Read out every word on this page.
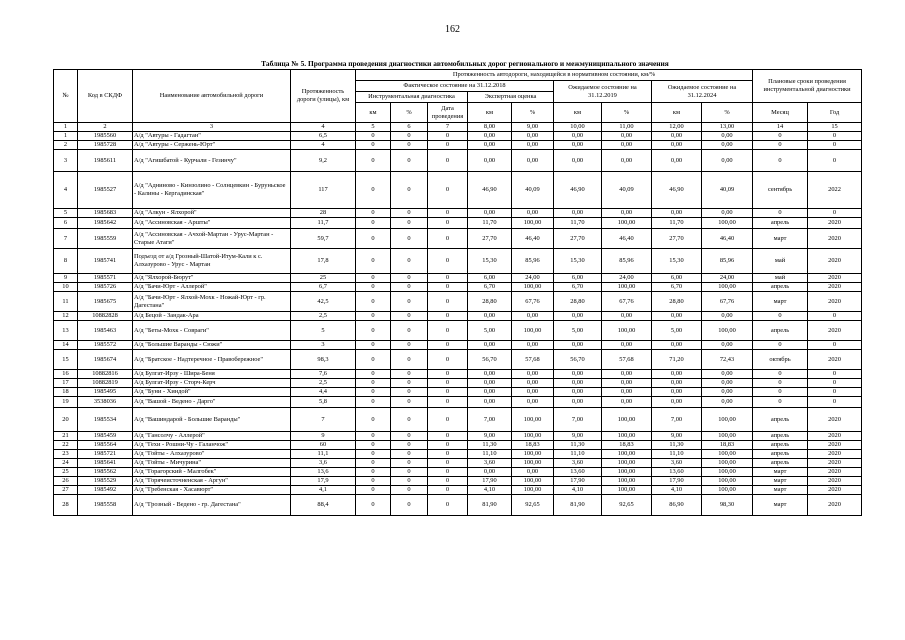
162
Таблица № 5. Программа проведения диагностики автомобильных дорог регионального и межмуниципального значения
№	Код в СКДФ	Наименование автомобильной дороги	Протяженность дороги (улицы), км	Протяженность автодороги, находящейся в нормативном состоянии, км/%									Плановые сроки проведения инструментальной диагностики	
				Фактическое состояние на 31.12.2018					Ожидаемое состояние на 31.12.2019		Ожидаемое состояние на 31.12.2024			
				Инструментальная диагностика			Экспертная оценка							
				км	%	Дата проведения	км	%	км	%	км	%	Месяц	Год
1	2	3	4	5	6	7	8,00	9,00	10,00	11,00	12,00	13,00	14	15
1	1985560	А/д "Автуры - Гадагтан"	6,5	0	0	0	0,00	0,00	0,00	0,00	0,00	0,00	0	0
2	1985728	А/д "Автуры - Сержень-Юрт"	4	0	0	0	0,00	0,00	0,00	0,00	0,00	0,00	0	0
3	1985611	А/д "Агишбатой - Курчали - Гезинчу"	9,2	0	0	0	0,00	0,00	0,00	0,00	0,00	0,00	0	0
4	1985527	А/д "Адниново - Кинзолино - Солнцевкин - Буруньское - Калины - Кергадинская"	117	0	0	0	46,90	40,09	46,90	40,09	46,90	40,09	сентябрь	2022
5	1985683	А/д "Алкун - Ялхорой"	28	0	0	0	0,00	0,00	0,00	0,00	0,00	0,00	0	0
6	1985642	А/д "Ассиновская - Аршты"	11,7	0	0	0	11,70	100,00	11,70	100,00	11,70	100,00	апрель	2020
7	1985559	А/д "Ассиновская - Ачхой-Мартан - Урус-Мартан - Старые Атаги"	59,7	0	0	0	27,70	46,40	27,70	46,40	27,70	46,40	март	2020
8	1985741	Подъезд от а/д Грозный-Шатой-Итум-Кали к с. Алхазурово - Урус - Мартан	17,8	0	0	0	15,30	85,96	15,30	85,96	15,30	85,96	май	2020
9	1985571	А/д "Ялхорой-Бюрут"	25	0	0	0	6,00	24,00	6,00	24,00	6,00	24,00	май	2020
10	1985726	А/д "Бачи-Юрт - Аллерой"	6,7	0	0	0	6,70	100,00	6,70	100,00	6,70	100,00	апрель	2020
11	1985675	А/д "Бачи-Юрт - Ялхой-Мохк - Ножай-Юрт - гр. Дагестана"	42,5	0	0	0	28,80	67,76	28,80	67,76	28,80	67,76	март	2020
12	10882828	А/д Бецой - Зандак-Ара	2,5	0	0	0	0,00	0,00	0,00	0,00	0,00	0,00	0	0
13	1985463	А/д "Беты-Мохк - Совраги"	5	0	0	0	5,00	100,00	5,00	100,00	5,00	100,00	апрель	2020
14	1985572	А/д "Большие Варанды - Сюжи"	3	0	0	0	0,00	0,00	0,00	0,00	0,00	0,00	0	0
15	1985674	А/д "Братское - Надтеречное - Правобережное"	98,3	0	0	0	56,70	57,68	56,70	57,68	71,20	72,43	октябрь	2020
16	10882816	А/д Булгат-Ирзу - Шира-Беня	7,6	0	0	0	0,00	0,00	0,00	0,00	0,00	0,00	0	0
17	10882819	А/д Булгат-Ирзу - Сторч-Керч	2,5	0	0	0	0,00	0,00	0,00	0,00	0,00	0,00	0	0
18	1985495	А/д "Буни - Хиндой"	4,4	0	0	0	0,00	0,00	0,00	0,00	0,00	0,00	0	0
19	3538036	А/д "Вашой - Ведено - Дарго"	5,8	0	0	0	0,00	0,00	0,00	0,00	0,00	0,00	0	0
20	1985534	А/д "Вашиндарой - Большие Варанды"	7	0	0	0	7,00	100,00	7,00	100,00	7,00	100,00	апрель	2020
21	1985459	А/д "Гансолчу - Аллерой"	9	0	0	0	9,00	100,00	9,00	100,00	9,00	100,00	апрель	2020
22	1985564	А/д "Гехи - Рошни-Чу - Галанчож"	60	0	0	0	11,30	18,83	11,30	18,83	11,30	18,83	апрель	2020
23	1985721	А/д "Гойты - Алхазурово"	11,1	0	0	0	11,10	100,00	11,10	100,00	11,10	100,00	апрель	2020
24	1985641	А/д "Гойты - Мичурина"	3,6	0	0	0	3,60	100,00	3,60	100,00	3,60	100,00	апрель	2020
25	1985562	А/д "Горагорский - Малгобек"	13,6	0	0	0	0,00	0,00	13,60	100,00	13,60	100,00	март	2020
26	1985529	А/д "Горячеисточненская - Аргун"	17,9	0	0	0	17,90	100,00	17,90	100,00	17,90	100,00	март	2020
27	1985492	А/д "Гребенская - Хасавюрт"	4,1	0	0	0	4,10	100,00	4,10	100,00	4,10	100,00	март	2020
28	1985558	А/д "Грозный - Ведено - гр. Дагестана"	88,4	0	0	0	81,90	92,65	81,90	92,65	86,90	98,30	март	2020
